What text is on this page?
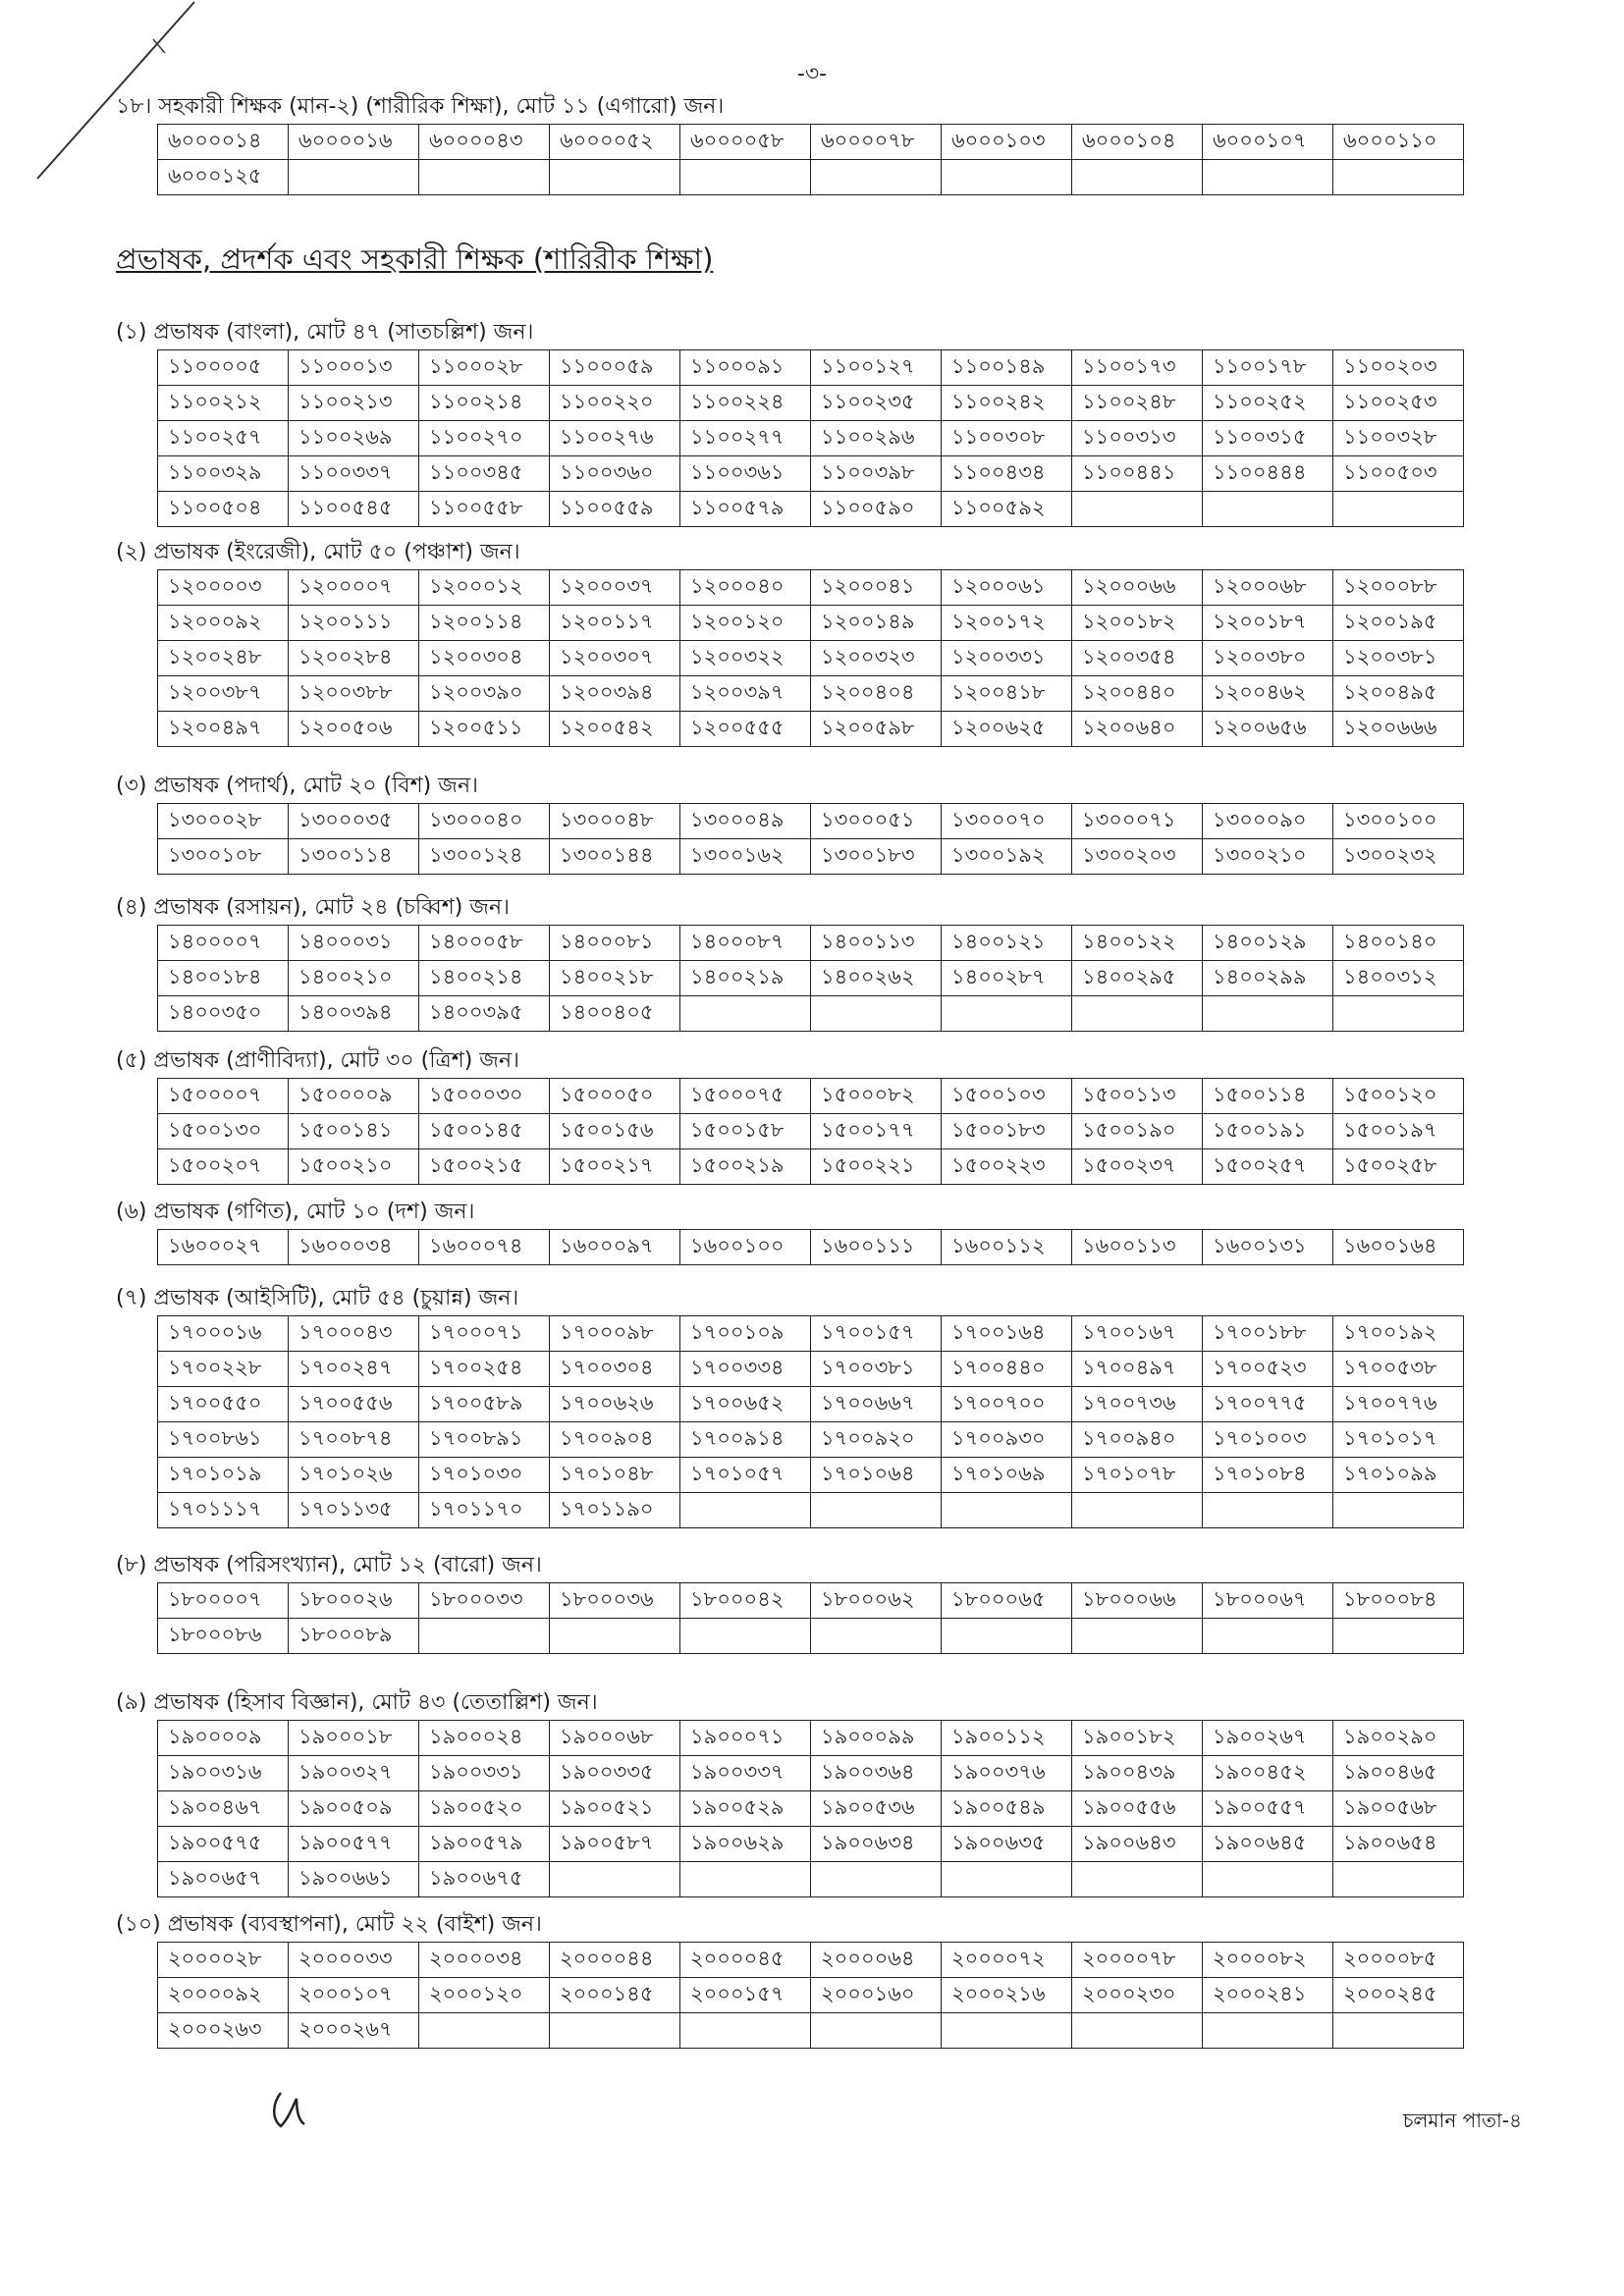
-৩-
প্রভাষক, প্রদর্শক এবং সহকারী শিক্ষক (শারিরীক শিক্ষা)
১৮। সহকারী শিক্ষক (মান-২) (শারীরিক শিক্ষা), মোট ১১ (এগারো) জন।
৬০০০০১৪	৬০০০০১৬	৬০০০০৪৩	৬০০০০৫২	৬০০০০৫৮	৬০০০০৭৮	৬০০০১০৩	৬০০০১০৪	৬০০০১০৭	৬০০০১১০
৬০০০১২৫									
(১) প্রভাষক (বাংলা), মোট ৪৭ (সাতচল্লিশ) জন।
১১০০০০৫	১১০০০১৩	১১০০০২৮	১১০০০৫৯	১১০০০৯১	১১০০১২৭	১১০০১৪৯	১১০০১৭৩	১১০০১৭৮	১১০০২০৩
১১০০২১২	১১০০২১৩	১১০০২১৪	১১০০২২০	১১০০২২৪	১১০০২৩৫	১১০০২৪২	১১০০২৪৮	১১০০২৫২	১১০০২৫৩
১১০০২৫৭	১১০০২৬৯	১১০০২৭০	১১০০২৭৬	১১০০২৭৭	১১০০২৯৬	১১০০৩০৮	১১০০৩১৩	১১০০৩১৫	১১০০৩২৮
১১০০৩২৯	১১০০৩৩৭	১১০০৩৪৫	১১০০৩৬০	১১০০৩৬১	১১০০৩৯৮	১১০০৪৩৪	১১০০৪৪১	১১০০৪৪৪	১১০০৫০৩
১১০০৫০৪	১১০০৫৪৫	১১০০৫৫৮	১১০০৫৫৯	১১০০৫৭৯	১১০০৫৯০	১১০০৫৯২			
(২) প্রভাষক (ইংরেজী), মোট ৫০ (পঞ্চাশ) জন।
১২০০০০৩	১২০০০০৭	১২০০০১২	১২০০০৩৭	১২০০০৪০	১২০০০৪১	১২০০০৬১	১২০০০৬৬	১২০০০৬৮	১২০০০৮৮
১২০০০৯২	১২০০১১১	১২০০১১৪	১২০০১১৭	১২০০১২০	১২০০১৪৯	১২০০১৭২	১২০০১৮২	১২০০১৮৭	১২০০১৯৫
১২০০২৪৮	১২০০২৮৪	১২০০৩০৪	১২০০৩০৭	১২০০৩২২	১২০০৩২৩	১২০০৩৩১	১২০০৩৫৪	১২০০৩৮০	১২০০৩৮১
১২০০৩৮৭	১২০০৩৮৮	১২০০৩৯০	১২০০৩৯৪	১২০০৩৯৭	১২০০৪০৪	১২০০৪১৮	১২০০৪৪০	১২০০৪৬২	১২০০৪৯৫
১২০০৪৯৭	১২০০৫০৬	১২০০৫১১	১২০০৫৪২	১২০০৫৫৫	১২০০৫৯৮	১২০০৬২৫	১২০০৬৪০	১২০০৬৫৬	১২০০৬৬৬
(৩) প্রভাষক (পদার্থ), মোট ২০ (বিশ) জন।
১৩০০০২৮	১৩০০০৩৫	১৩০০০৪০	১৩০০০৪৮	১৩০০০৪৯	১৩০০০৫১	১৩০০০৭০	১৩০০০৭১	১৩০০০৯০	১৩০০১০০
১৩০০১০৮	১৩০০১১৪	১৩০০১২৪	১৩০০১৪৪	১৩০০১৬২	১৩০০১৮৩	১৩০০১৯২	১৩০০২০৩	১৩০০২১০	১৩০০২৩২
(৪) প্রভাষক (রসায়ন), মোট ২৪ (চব্বিশ) জন।
১৪০০০০৭	১৪০০০৩১	১৪০০০৫৮	১৪০০০৮১	১৪০০০৮৭	১৪০০১১৩	১৪০০১২১	১৪০০১২২	১৪০০১২৯	১৪০০১৪০
১৪০০১৮৪	১৪০০২১০	১৪০০২১৪	১৪০০২১৮	১৪০০২১৯	১৪০০২৬২	১৪০০২৮৭	১৪০০২৯৫	১৪০০২৯৯	১৪০০৩১২
১৪০০৩৫০	১৪০০৩৯৪	১৪০০৩৯৫	১৪০০৪০৫						
(৫) প্রভাষক (প্রাণীবিদ্যা), মোট ৩০ (ত্রিশ) জন।
১৫০০০০৭	১৫০০০০৯	১৫০০০৩০	১৫০০০৫০	১৫০০০৭৫	১৫০০০৮২	১৫০০১০৩	১৫০০১১৩	১৫০০১১৪	১৫০০১২০
১৫০০১৩০	১৫০০১৪১	১৫০০১৪৫	১৫০০১৫৬	১৫০০১৫৮	১৫০০১৭৭	১৫০০১৮৩	১৫০০১৯০	১৫০০১৯১	১৫০০১৯৭
১৫০০২০৭	১৫০০২১০	১৫০০২১৫	১৫০০২১৭	১৫০০২১৯	১৫০০২২১	১৫০০২২৩	১৫০০২৩৭	১৫০০২৫৭	১৫০০২৫৮
(৬) প্রভাষক (গণিত), মোট ১০ (দশ) জন।
১৬০০০২৭	১৬০০০৩৪	১৬০০০৭৪	১৬০০০৯৭	১৬০০১০০	১৬০০১১১	১৬০০১১২	১৬০০১১৩	১৬০০১৩১	১৬০০১৬৪
(৭) প্রভাষক (আইসিটি), মোট ৫৪ (চুয়ান্ন) জন।
১৭০০০১৬	১৭০০০৪৩	১৭০০০৭১	১৭০০০৯৮	১৭০০১০৯	১৭০০১৫৭	১৭০০১৬৪	১৭০০১৬৭	১৭০০১৮৮	১৭০০১৯২
১৭০০২২৮	১৭০০২৪৭	১৭০০২৫৪	১৭০০৩০৪	১৭০০৩৩৪	১৭০০৩৮১	১৭০০৪৪০	১৭০০৪৯৭	১৭০০৫২৩	১৭০০৫৩৮
১৭০০৫৫০	১৭০০৫৫৬	১৭০০৫৮৯	১৭০০৬২৬	১৭০০৬৫২	১৭০০৬৬৭	১৭০০৭০০	১৭০০৭৩৬	১৭০০৭৭৫	১৭০০৭৭৬
১৭০০৮৬১	১৭০০৮৭৪	১৭০০৮৯১	১৭০০৯০৪	১৭০০৯১৪	১৭০০৯২০	১৭০০৯৩০	১৭০০৯৪০	১৭০১০০৩	১৭০১০১৭
১৭০১০১৯	১৭০১০২৬	১৭০১০৩০	১৭০১০৪৮	১৭০১০৫৭	১৭০১০৬৪	১৭০১০৬৯	১৭০১০৭৮	১৭০১০৮৪	১৭০১০৯৯
১৭০১১১৭	১৭০১১৩৫	১৭০১১৭০	১৭০১১৯০						
(৮) প্রভাষক (পরিসংখ্যান), মোট ১২ (বারো) জন।
১৮০০০০৭	১৮০০০২৬	১৮০০০৩৩	১৮০০০৩৬	১৮০০০৪২	১৮০০০৬২	১৮০০০৬৫	১৮০০০৬৬	১৮০০০৬৭	১৮০০০৮৪
১৮০০০৮৬	১৮০০০৮৯								
(৯) প্রভাষক (হিসাব বিজ্ঞান), মোট ৪৩ (তেতাল্লিশ) জন।
১৯০০০০৯	১৯০০০১৮	১৯০০০২৪	১৯০০০৬৮	১৯০০০৭১	১৯০০০৯৯	১৯০০১১২	১৯০০১৮২	১৯০০২৬৭	১৯০০২৯০
১৯০০৩১৬	১৯০০৩২৭	১৯০০৩৩১	১৯০০৩৩৫	১৯০০৩৩৭	১৯০০৩৬৪	১৯০০৩৭৬	১৯০০৪৩৯	১৯০০৪৫২	১৯০০৪৬৫
১৯০০৪৬৭	১৯০০৫০৯	১৯০০৫২০	১৯০০৫২১	১৯০০৫২৯	১৯০০৫৩৬	১৯০০৫৪৯	১৯০০৫৫৬	১৯০০৫৫৭	১৯০০৫৬৮
১৯০০৫৭৫	১৯০০৫৭৭	১৯০০৫৭৯	১৯০০৫৮৭	১৯০০৬২৯	১৯০০৬৩৪	১৯০০৬৩৫	১৯০০৬৪৩	১৯০০৬৪৫	১৯০০৬৫৪
১৯০০৬৫৭	১৯০০৬৬১	১৯০০৬৭৫							
(১০) প্রভাষক (ব্যবস্থাপনা), মোট ২২ (বাইশ) জন।
২০০০০২৮	২০০০০৩৩	২০০০০৩৪	২০০০০৪৪	২০০০০৪৫	২০০০০৬৪	২০০০০৭২	২০০০০৭৮	২০০০০৮২	২০০০০৮৫
২০০০০৯২	২০০০১০৭	২০০০১২০	২০০০১৪৫	২০০০১৫৭	২০০০১৬০	২০০০২১৬	২০০০২৩০	২০০০২৪১	২০০০২৪৫
২০০০২৬৩	২০০০২৬৭								
চলমান পাতা-৪
